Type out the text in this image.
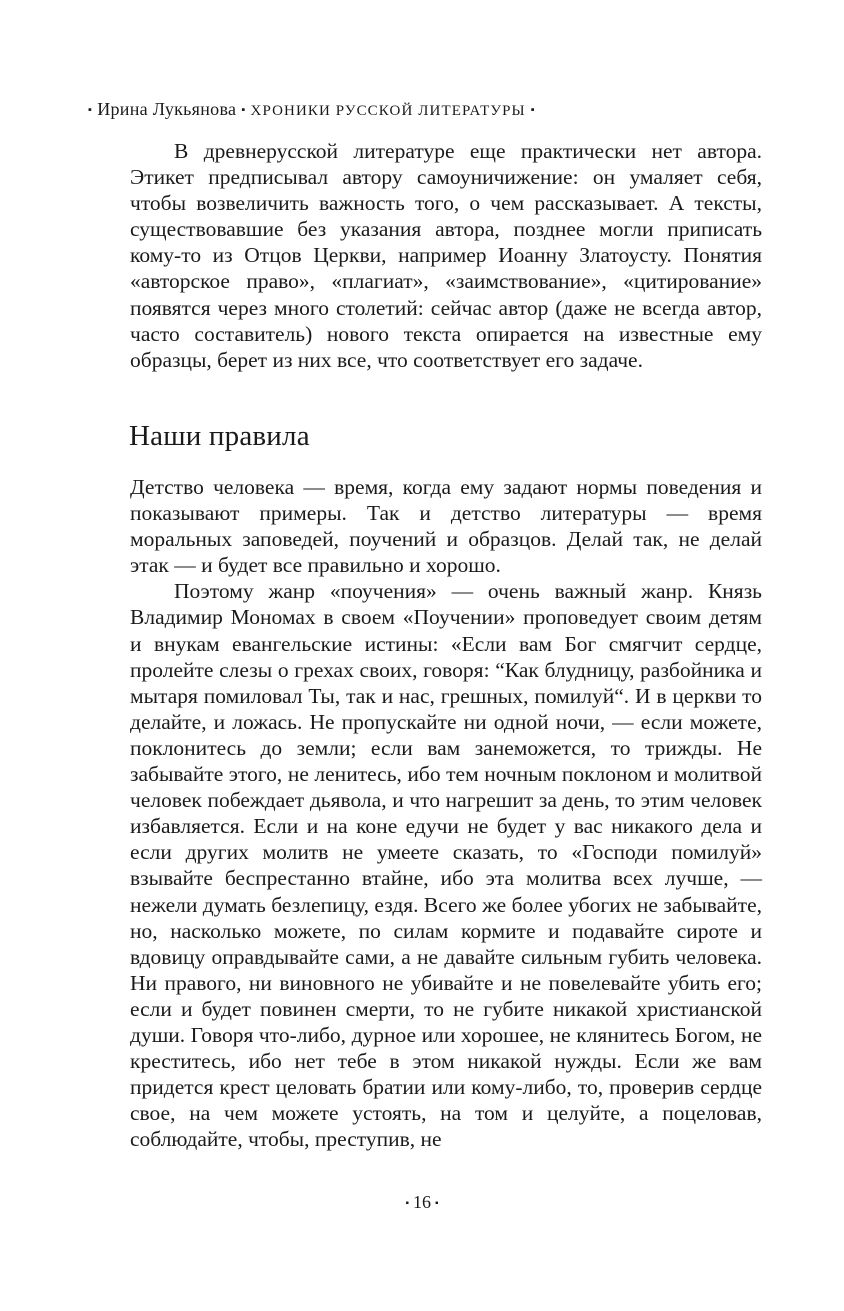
▪ Ирина Лукьянова ▪ ХРОНИКИ РУССКОЙ ЛИТЕРАТУРЫ ▪

В древнерусской литературе еще практически нет автора. Этикет предписывал автору самоуничижение: он умаляет себя, чтобы возвеличить важность того, о чем рассказывает. А тексты, существовавшие без указания автора, позднее могли приписать кому-то из Отцов Церкви, например Иоанну Златоусту. Понятия «авторское право», «плагиат», «заимствование», «цитирование» появятся через много столетий: сейчас автор (даже не всегда автор, часто составитель) нового текста опирается на известные ему образцы, берет из них все, что соответствует его задаче.

Наши правила

Детство человека — время, когда ему задают нормы поведения и показывают примеры. Так и детство литературы — время моральных заповедей, поучений и образцов. Делай так, не делай этак — и будет все правильно и хорошо.

Поэтому жанр «поучения» — очень важный жанр. Князь Владимир Мономах в своем «Поучении» проповедует своим детям и внукам евангельские истины: «Если вам Бог смягчит сердце, пролейте слезы о грехах своих, говоря: “Как блудницу, разбойника и мытаря помиловал Ты, так и нас, грешных, помилуй“. И в церкви то делайте, и ложась. Не пропускайте ни одной ночи, — если можете, поклонитесь до земли; если вам занеможется, то трижды. Не забывайте этого, не ленитесь, ибо тем ночным поклоном и молитвой человек побеждает дьявола, и что нагрешит за день, то этим человек избавляется. Если и на коне едучи не будет у вас никакого дела и если других молитв не умеете сказать, то «Господи помилуй» взывайте беспрестанно втайне, ибо эта молитва всех лучше, — нежели думать безлепицу, ездя. Всего же более убогих не забывайте, но, насколько можете, по силам кормите и подавайте сироте и вдовицу оправдывайте сами, а не давайте сильным губить человека. Ни правого, ни виновного не убивайте и не повелевайте убить его; если и будет повинен смерти, то не губите никакой христианской души. Говоря что-либо, дурное или хорошее, не клянитесь Богом, не креститесь, ибо нет тебе в этом никакой нужды. Если же вам придется крест целовать братии или кому-либо, то, проверив сердце свое, на чем можете устоять, на том и целуйте, а поцеловав, соблюдайте, чтобы, преступив, не

▪ 16 ▪
